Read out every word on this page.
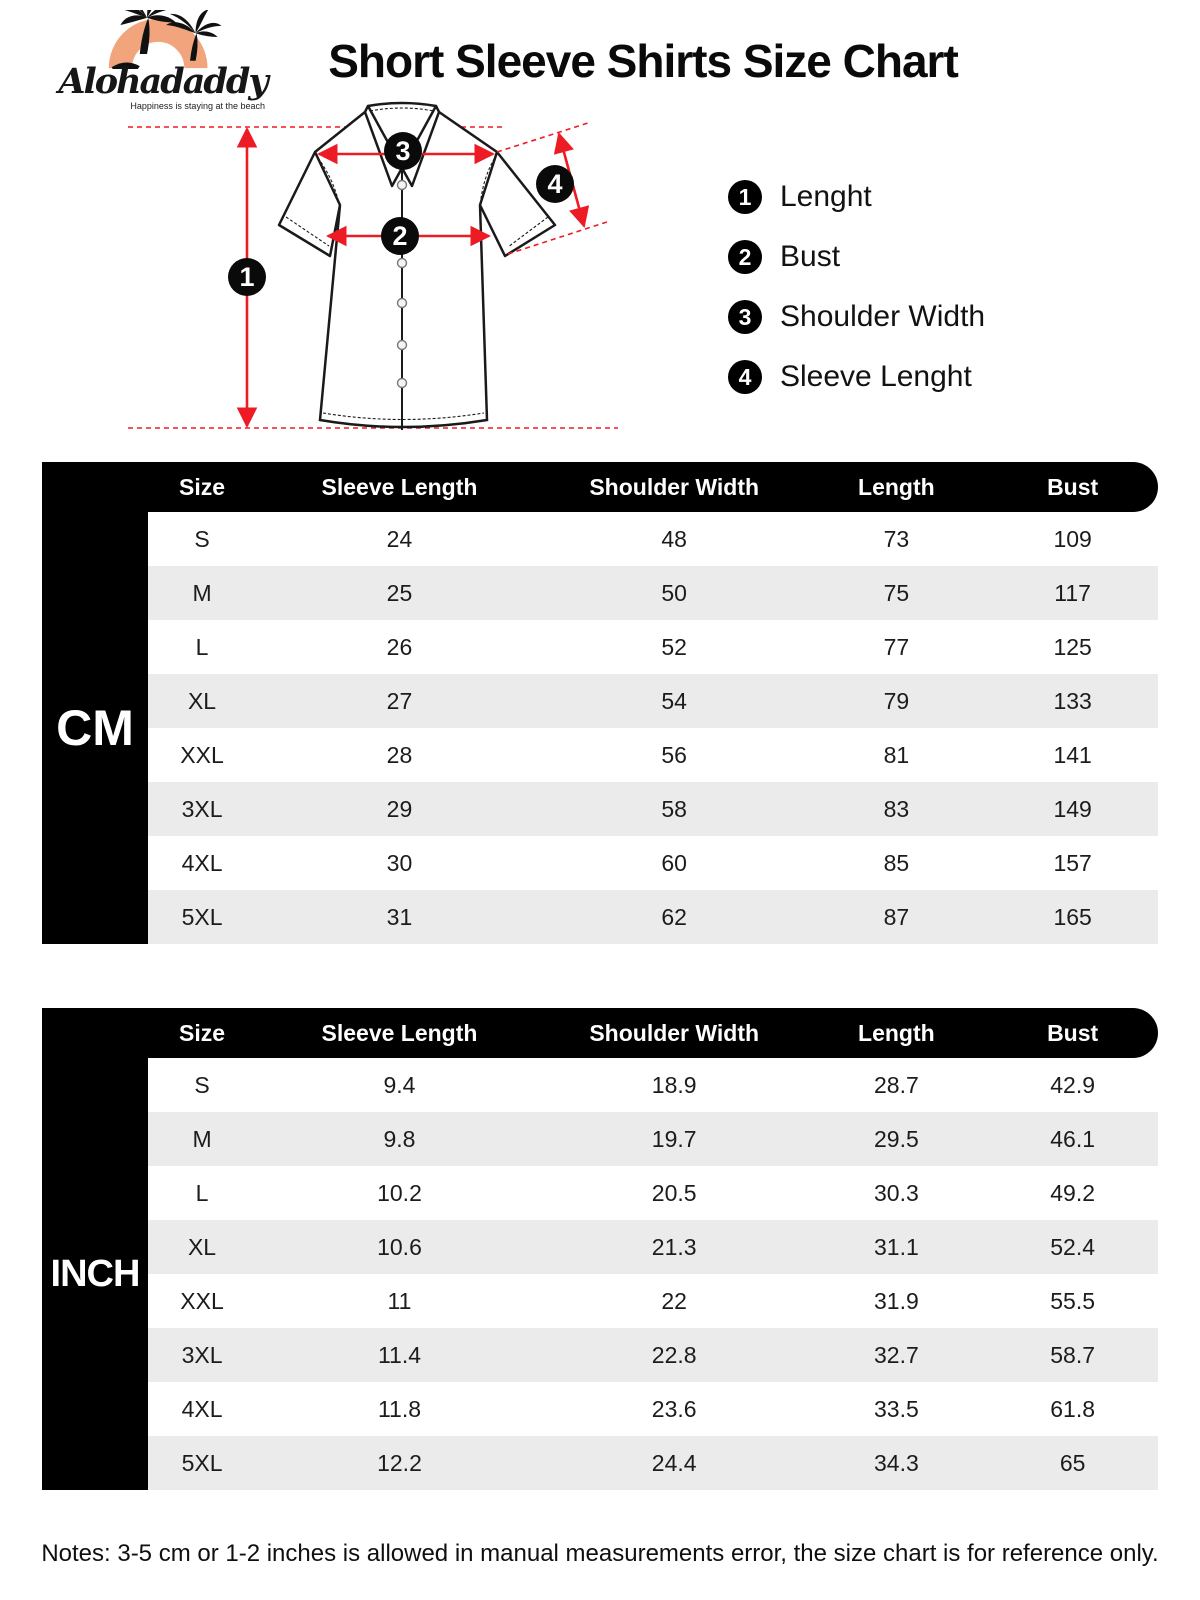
Alohadaddy
Happiness is staying at the beach
Short Sleeve Shirts Size Chart
1
2
3
4	1 Lenght
2 Bust
3 Shoulder Width
4 Sleeve Lenght
Size	Sleeve Length	Shoulder Width	Length	Bust
CM
S	24	48	73	109
M	25	50	75	117
L	26	52	77	125
XL	27	54	79	133
XXL	28	56	81	141
3XL	29	58	83	149
4XL	30	60	85	157
5XL	31	62	87	165
Size	Sleeve Length	Shoulder Width	Length	Bust
INCH
S	9.4	18.9	28.7	42.9
M	9.8	19.7	29.5	46.1
L	10.2	20.5	30.3	49.2
XL	10.6	21.3	31.1	52.4
XXL	11	22	31.9	55.5
3XL	11.4	22.8	32.7	58.7
4XL	11.8	23.6	33.5	61.8
5XL	12.2	24.4	34.3	65
Notes: 3-5 cm or 1-2 inches is allowed in manual measurements error, the size chart is for reference only.
